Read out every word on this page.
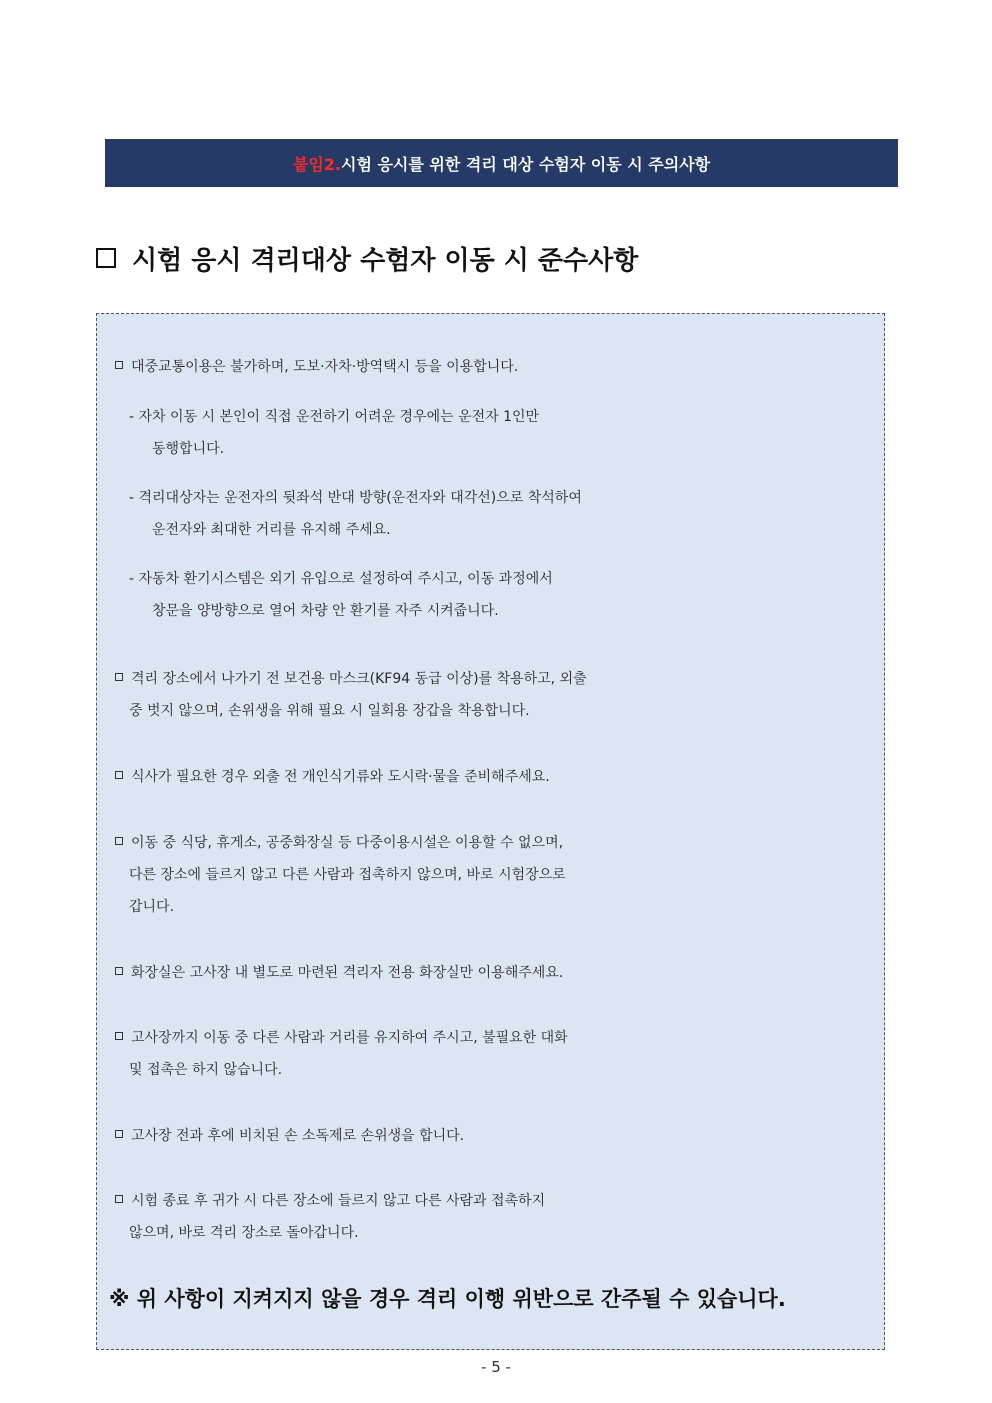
붙임2. 시험 응시를 위한 격리 대상 수험자 이동 시 주의사항
시험 응시 격리대상 수험자 이동 시 준수사항
대중교통이용은 불가하며, 도보·자차·방역택시 등을 이용합니다.
- 자차 이동 시 본인이 직접 운전하기 어려운 경우에는 운전자 1인만
동행합니다.
- 격리대상자는 운전자의 뒷좌석 반대 방향(운전자와 대각선)으로 착석하여
운전자와 최대한 거리를 유지해 주세요.
- 자동차 환기시스템은 외기 유입으로 설정하여 주시고, 이동 과정에서
창문을 양방향으로 열어 차량 안 환기를 자주 시켜줍니다.
격리 장소에서 나가기 전 보건용 마스크(KF94 동급 이상)를 착용하고, 외출
중 벗지 않으며, 손위생을 위해 필요 시 일회용 장갑을 착용합니다.
식사가 필요한 경우 외출 전 개인식기류와 도시락·물을 준비해주세요.
이동 중 식당, 휴게소, 공중화장실 등 다중이용시설은 이용할 수 없으며,
다른 장소에 들르지 않고 다른 사람과 접촉하지 않으며, 바로 시험장으로
갑니다.
화장실은 고사장 내 별도로 마련된 격리자 전용 화장실만 이용해주세요.
고사장까지 이동 중 다른 사람과 거리를 유지하여 주시고, 불필요한 대화
및 접촉은 하지 않습니다.
고사장 전과 후에 비치된 손 소독제로 손위생을 합니다.
시험 종료 후 귀가 시 다른 장소에 들르지 않고 다른 사람과 접촉하지
않으며, 바로 격리 장소로 돌아갑니다.
※ 위 사항이 지켜지지 않을 경우 격리 이행 위반으로 간주될 수 있습니다.
- 5 -
